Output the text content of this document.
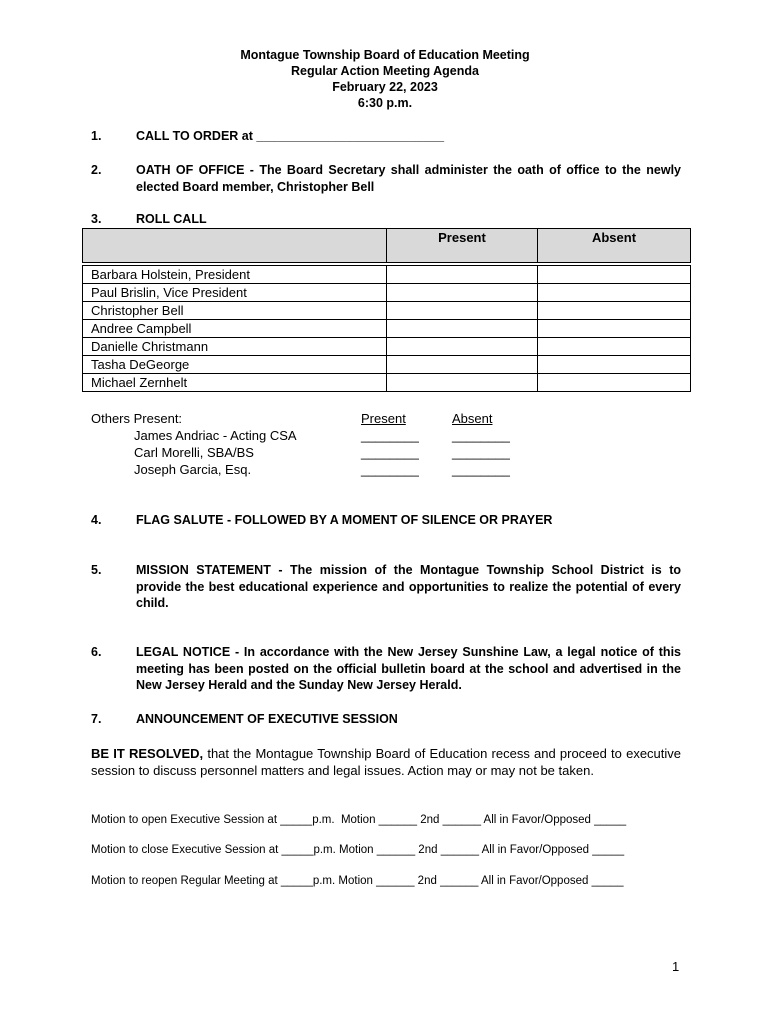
Montague Township Board of Education Meeting
Regular Action Meeting Agenda
February 22, 2023
6:30 p.m.
1.	CALL TO ORDER at ___________________________
2.	OATH OF OFFICE - The Board Secretary shall administer the oath of office to the newly elected Board member, Christopher Bell
3.	ROLL CALL
	Present	Absent

Barbara Holstein, President		
Paul Brislin, Vice President		
Christopher Bell		
Andree Campbell		
Danielle Christmann		
Tasha DeGeorge		
Michael Zernhelt		
Others Present:	Present	Absent
James Andriac - Acting CSA	________	________
Carl Morelli, SBA/BS	________	________
Joseph Garcia, Esq.	________	________
4.	FLAG SALUTE - FOLLOWED BY A MOMENT OF SILENCE OR PRAYER
5.	MISSION STATEMENT - The mission of the Montague Township School District is to provide the best educational experience and opportunities to realize the potential of every child.
6.	LEGAL NOTICE - In accordance with the New Jersey Sunshine Law, a legal notice of this meeting has been posted on the official bulletin board at the school and advertised in the New Jersey Herald and the Sunday New Jersey Herald.
7.	ANNOUNCEMENT OF EXECUTIVE SESSION
BE IT RESOLVED, that the Montague Township Board of Education recess and proceed to executive session to discuss personnel matters and legal issues. Action may or may not be taken.
Motion to open Executive Session at _____p.m.  Motion ______ 2nd ______ All in Favor/Opposed _____
Motion to close Executive Session at _____p.m. Motion ______ 2nd ______ All in Favor/Opposed _____
Motion to reopen Regular Meeting at _____p.m. Motion ______ 2nd ______ All in Favor/Opposed _____
1
